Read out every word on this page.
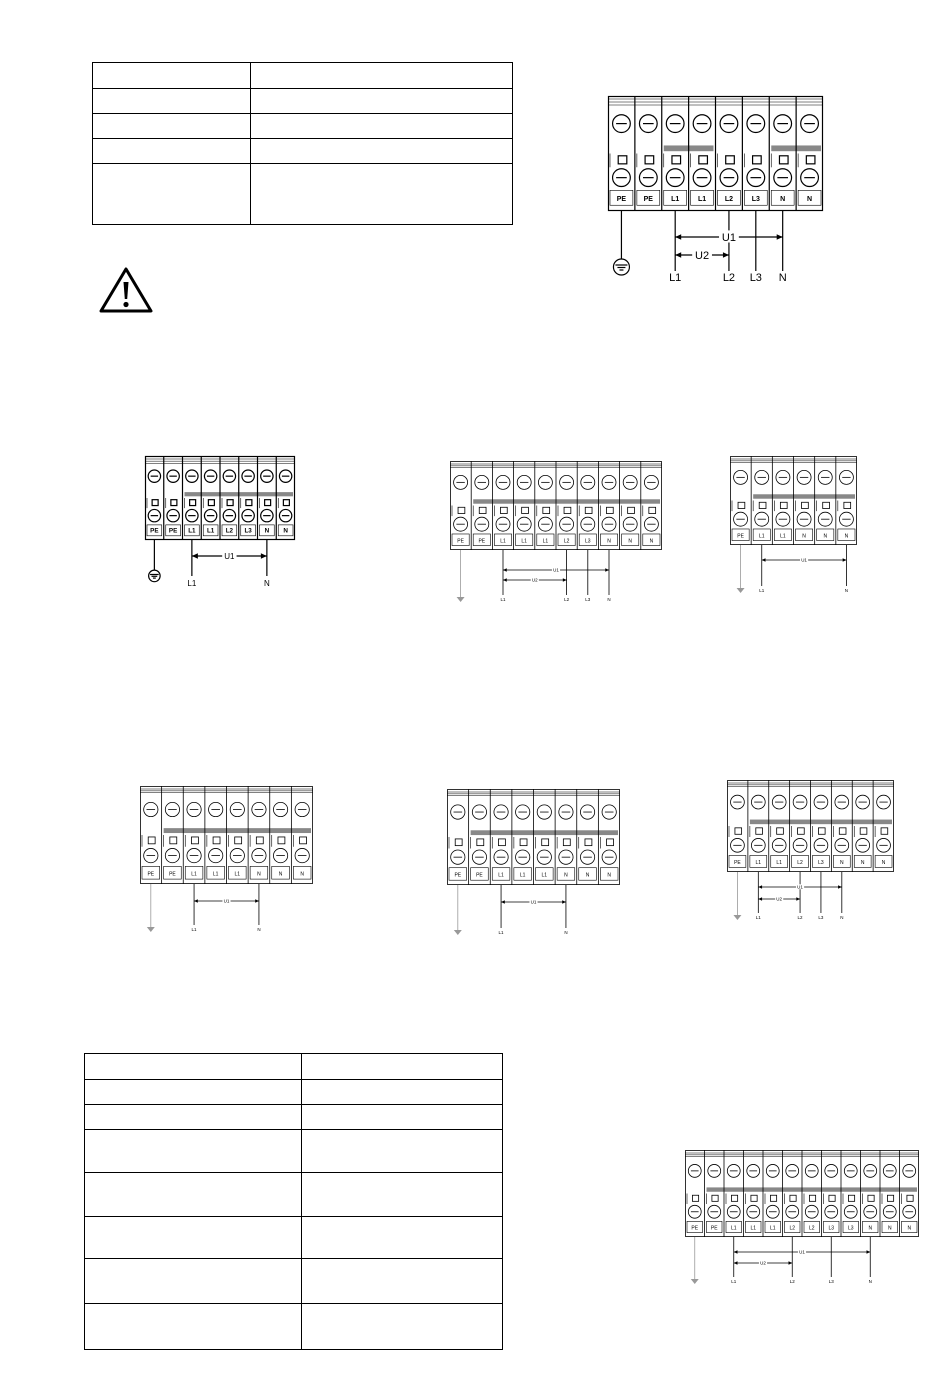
PE	PE	L1	L1	L2	L3	N	N
L1	L2 L3 N
U1
U2
PE PE L1 L1 L2 L3 N N
L1	N
U1
PE	PE	L1	L1	L1	L2	L3	N	N	N
L1	L2	L3	N
U1
U2
PE	L1	L1	N	N	N
L1	N
U1
PE	PE	L1	L1	L1	N	N	N
L1	N
U1
PE	PE	L1	L1	L1	N	N	N
L1	N
U1
PE	L1	L1	L2	L3	N	N	N
L1	L2	L3	N
U1
U2
PE	PE	L1	L1	L1	L2	L2	L3	L3	N	N	N
L1	L2	L3	N
U1
U2
